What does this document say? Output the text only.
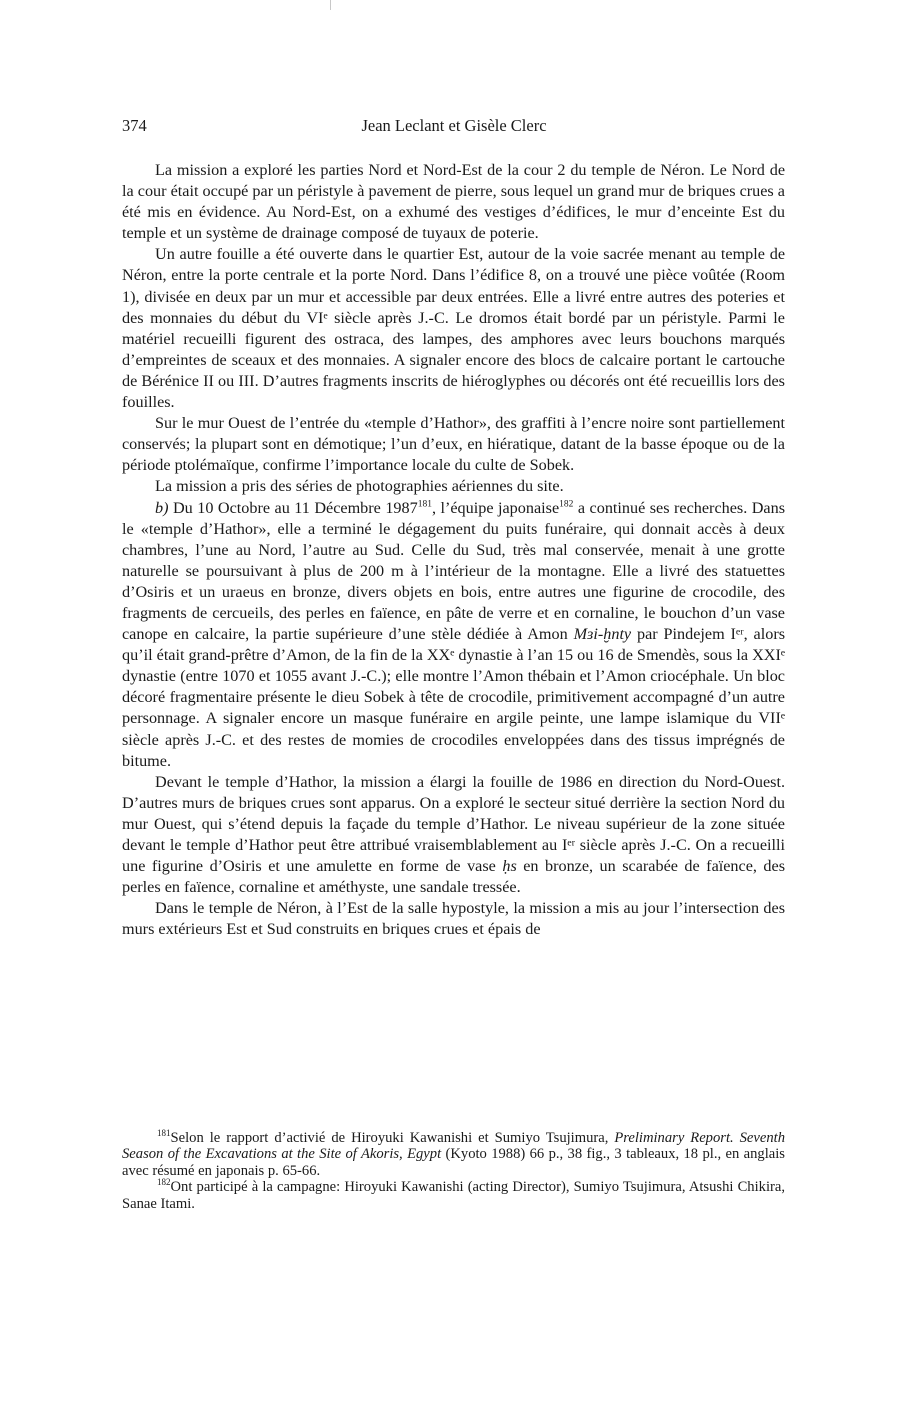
374	Jean Leclant et Gisèle Clerc

La mission a exploré les parties Nord et Nord-Est de la cour 2 du temple de Néron. Le Nord de la cour était occupé par un péristyle à pavement de pierre, sous lequel un grand mur de briques crues a été mis en évidence. Au Nord-Est, on a exhumé des vestiges d’édifices, le mur d’enceinte Est du temple et un système de drainage composé de tuyaux de poterie.

Un autre fouille a été ouverte dans le quartier Est, autour de la voie sacrée menant au temple de Néron, entre la porte centrale et la porte Nord. Dans l’édifice 8, on a trouvé une pièce voûtée (Room 1), divisée en deux par un mur et accessible par deux entrées. Elle a livré entre autres des poteries et des monnaies du début du VIᵉ siècle après J.-C. Le dromos était bordé par un péristyle. Parmi le matériel recueilli figurent des ostraca, des lampes, des amphores avec leurs bouchons marqués d’empreintes de sceaux et des monnaies. A signaler encore des blocs de calcaire portant le cartouche de Bérénice II ou III. D’autres fragments inscrits de hiéroglyphes ou décorés ont été recueillis lors des fouilles.

Sur le mur Ouest de l’entrée du «temple d’Hathor», des graffiti à l’encre noire sont partiellement conservés; la plupart sont en démotique; l’un d’eux, en hiératique, datant de la basse époque ou de la période ptolémaïque, confirme l’importance locale du culte de Sobek.

La mission a pris des séries de photographies aériennes du site.

b) Du 10 Octobre au 11 Décembre 1987$^{181}$, l’équipe japonaise$^{182}$ a continué ses recherches. Dans le «temple d’Hathor», elle a terminé le dégagement du puits funéraire, qui donnait accès à deux chambres, l’une au Nord, l’autre au Sud. Celle du Sud, très mal conservée, menait à une grotte naturelle se poursuivant à plus de 200 m à l’intérieur de la montagne. Elle a livré des statuettes d’Osiris et un uraeus en bronze, divers objets en bois, entre autres une figurine de crocodile, des fragments de cercueils, des perles en faïence, en pâte de verre et en cornaline, le bouchon d’un vase canope en calcaire, la partie supérieure d’une stèle dédiée à Amon Mɜi-ḫnty par Pindejem Iᵉʳ, alors qu’il était grand-prêtre d’Amon, de la fin de la XXᵉ dynastie à l’an 15 ou 16 de Smendès, sous la XXIᵉ dynastie (entre 1070 et 1055 avant J.-C.); elle montre l’Amon thébain et l’Amon criocéphale. Un bloc décoré fragmentaire présente le dieu Sobek à tête de crocodile, primitivement accompagné d’un autre personnage. A signaler encore un masque funéraire en argile peinte, une lampe islamique du VIIᵉ siècle après J.-C. et des restes de momies de crocodiles enveloppées dans des tissus imprégnés de bitume.

Devant le temple d’Hathor, la mission a élargi la fouille de 1986 en direction du Nord-Ouest. D’autres murs de briques crues sont apparus. On a exploré le secteur situé derrière la section Nord du mur Ouest, qui s’étend depuis la façade du temple d’Hathor. Le niveau supérieur de la zone située devant le temple d’Hathor peut être attribué vraisemblablement au Iᵉʳ siècle après J.-C. On a recueilli une figurine d’Osiris et une amulette en forme de vase ḥs en bronze, un scarabée de faïence, des perles en faïence, cornaline et améthyste, une sandale tressée.

Dans le temple de Néron, à l’Est de la salle hypostyle, la mission a mis au jour l’intersection des murs extérieurs Est et Sud construits en briques crues et épais de

$^{181}$Selon le rapport d’activié de Hiroyuki Kawanishi et Sumiyo Tsujimura, Preliminary Report. Seventh Season of the Excavations at the Site of Akoris, Egypt (Kyoto 1988) 66 p., 38 fig., 3 tableaux, 18 pl., en anglais avec résumé en japonais p. 65-66.

$^{182}$Ont participé à la campagne: Hiroyuki Kawanishi (acting Director), Sumiyo Tsujimura, Atsushi Chikira, Sanae Itami.
